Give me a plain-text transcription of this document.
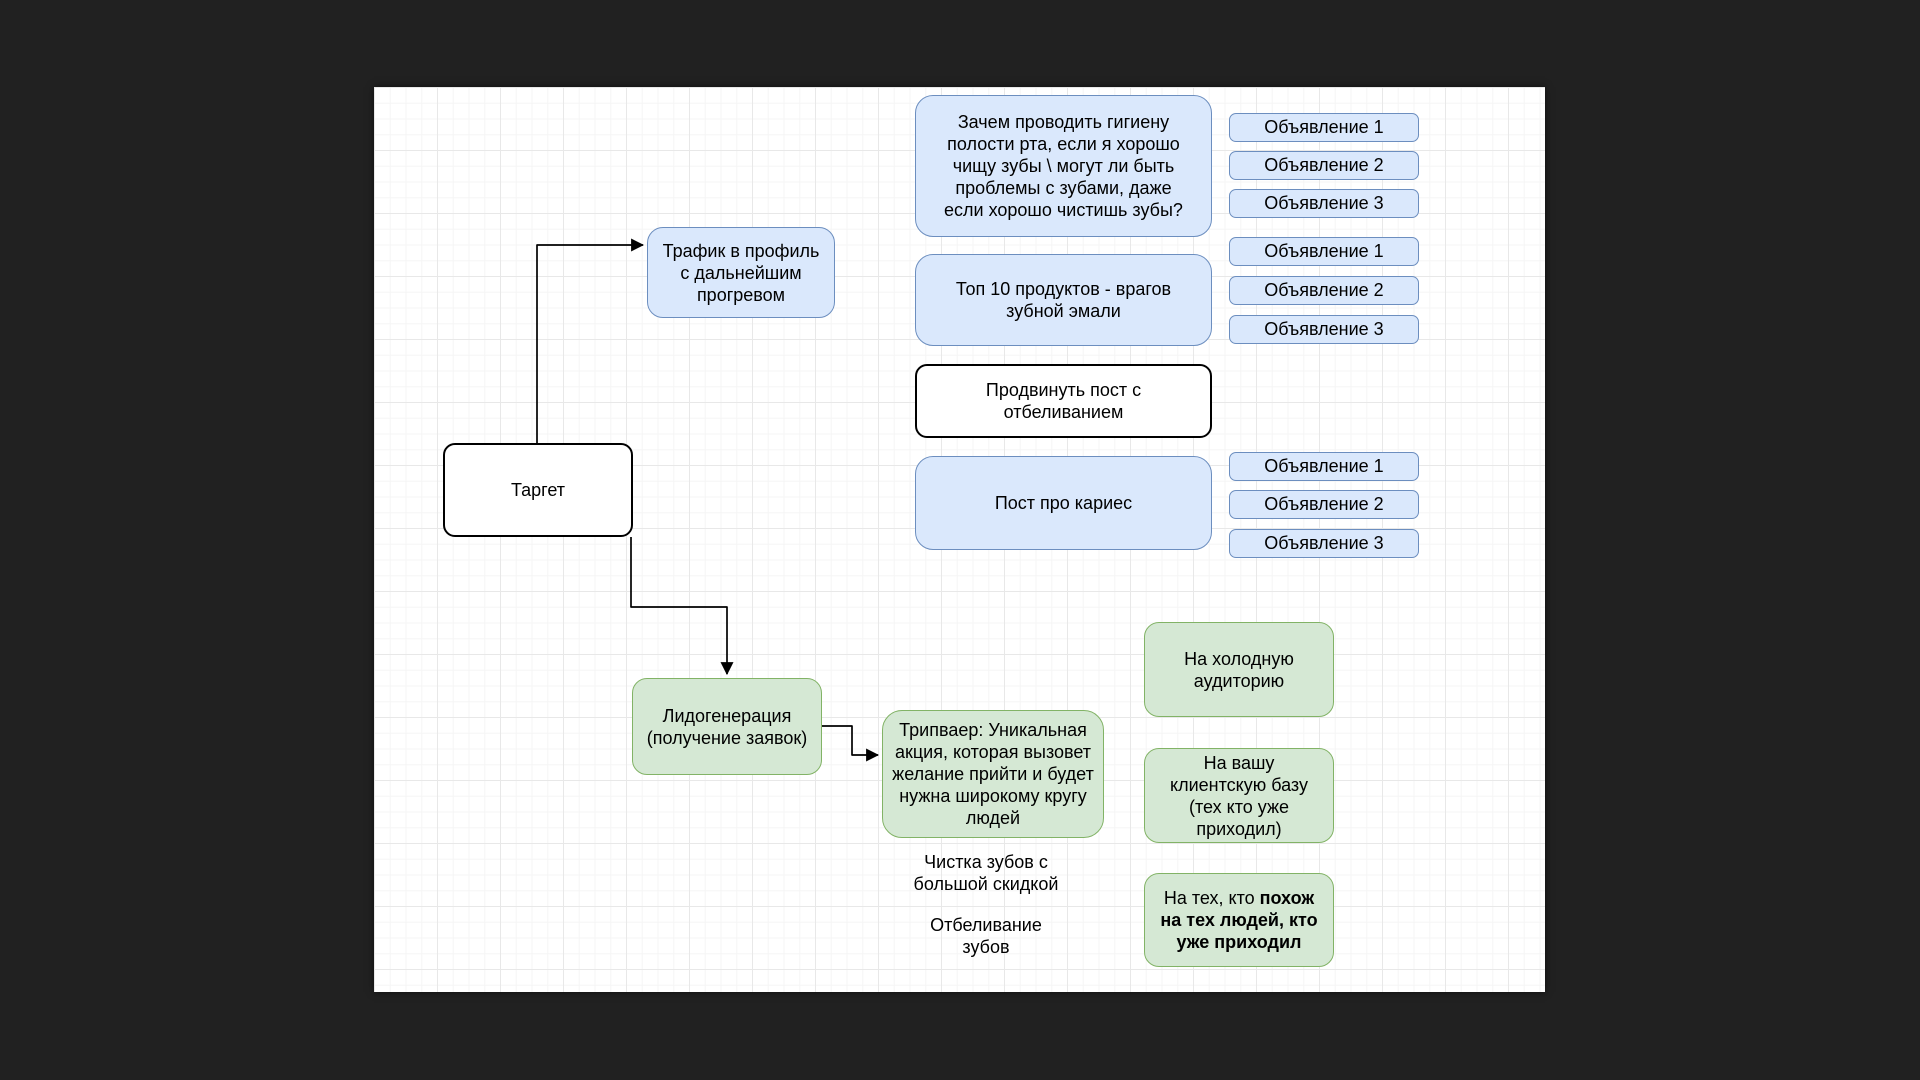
Зачем проводить гигиену полости рта, если я хорошо чищу зубы \ могут ли быть проблемы с зубами, даже если хорошо чистишь зубы?
Трафик в профиль с дальнейшим прогревом	Топ 10 продуктов - врагов зубной эмали
Продвинуть пост с отбеливанием
Пост про кариес
Таргет
Лидогенерация (получение заявок)	Трипваер: Уникальная акция, которая вызовет желание прийти и будет нужна широкому кругу людей
На холодную аудиторию
На вашу клиентскую базу (тех кто уже приходил)
На тех, кто похож на тех людей, кто уже приходил
Чистка зубов с большой скидкой
Отбеливание зубов
Объявление 1
Объявление 2
Объявление 3
Объявление 1
Объявление 2
Объявление 3
Объявление 1
Объявление 2
Объявление 3
